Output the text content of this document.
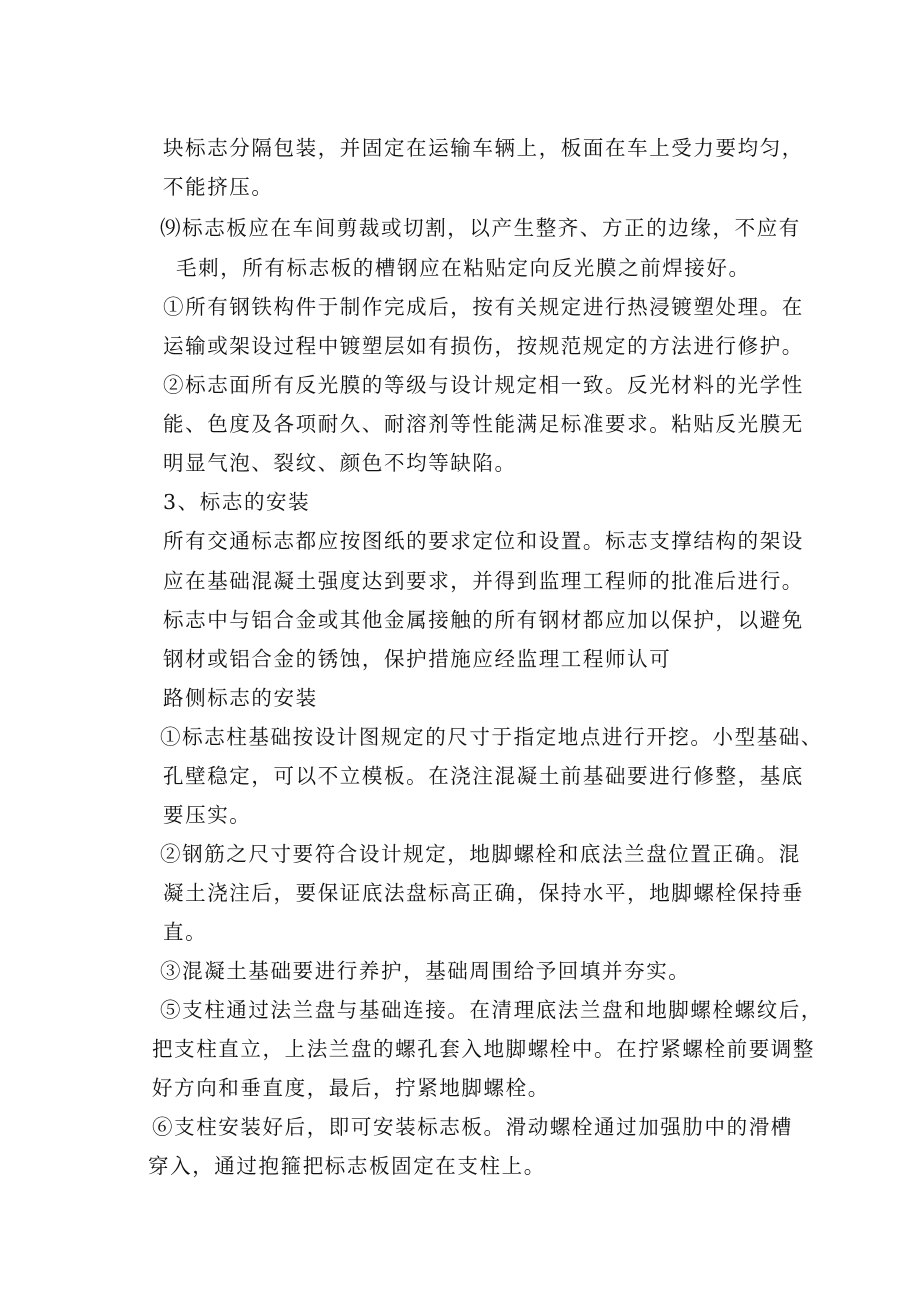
块标志分隔包装，并固定在运输车辆上，板面在车上受力要均匀，
不能挤压。
⑼标志板应在车间剪裁或切割，以产生整齐、方正的边缘，不应有
毛刺，所有标志板的槽钢应在粘贴定向反光膜之前焊接好。
①所有钢铁构件于制作完成后，按有关规定进行热浸镀塑处理。在
运输或架设过程中镀塑层如有损伤，按规范规定的方法进行修护。
②标志面所有反光膜的等级与设计规定相一致。反光材料的光学性
能、色度及各项耐久、耐溶剂等性能满足标准要求。粘贴反光膜无
明显气泡、裂纹、颜色不均等缺陷。
3、标志的安装
所有交通标志都应按图纸的要求定位和设置。标志支撑结构的架设
应在基础混凝土强度达到要求，并得到监理工程师的批准后进行。
标志中与铝合金或其他金属接触的所有钢材都应加以保护，以避免
钢材或铝合金的锈蚀，保护措施应经监理工程师认可
路侧标志的安装
①标志柱基础按设计图规定的尺寸于指定地点进行开挖。小型基础、
孔壁稳定，可以不立模板。在浇注混凝土前基础要进行修整，基底
要压实。
②钢筋之尺寸要符合设计规定，地脚螺栓和底法兰盘位置正确。混
凝土浇注后，要保证底法盘标高正确，保持水平，地脚螺栓保持垂
直。
③混凝土基础要进行养护，基础周围给予回填并夯实。
⑤支柱通过法兰盘与基础连接。在清理底法兰盘和地脚螺栓螺纹后，
把支柱直立，上法兰盘的螺孔套入地脚螺栓中。在拧紧螺栓前要调整
好方向和垂直度，最后，拧紧地脚螺栓。
⑥支柱安装好后，即可安装标志板。滑动螺栓通过加强肋中的滑槽
穿入，通过抱箍把标志板固定在支柱上。
